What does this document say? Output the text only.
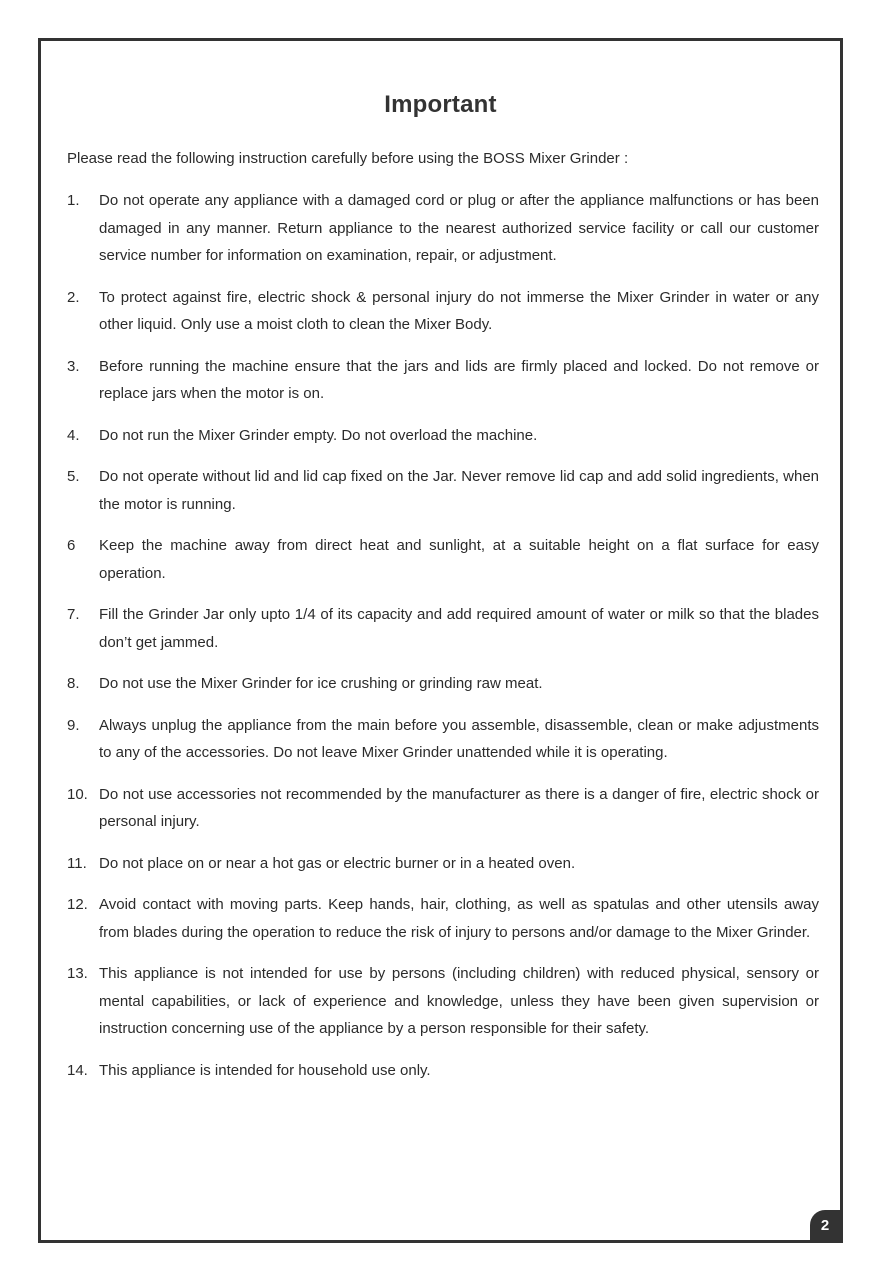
Important
Please read the following instruction carefully before using the BOSS Mixer Grinder :
1.	Do not operate any appliance with a damaged cord or plug or after the appliance malfunctions or has been damaged in any manner. Return appliance to the nearest authorized service facility or call our customer service number for information on examination, repair, or adjustment.
2.	To protect against fire, electric shock & personal injury do not immerse the Mixer Grinder in water or any other liquid. Only use a moist cloth to clean the Mixer Body.
3.	Before running the machine ensure that the jars and lids are firmly placed and locked. Do not remove or replace jars when the motor is on.
4.	Do not run the Mixer Grinder empty. Do not overload the machine.
5.	Do not operate without lid and lid cap fixed on the Jar. Never remove lid cap and add solid ingredients, when the motor is running.
6	Keep the machine away from direct heat and sunlight, at a suitable height on a flat surface for easy operation.
7.	Fill the Grinder Jar only upto 1/4 of its capacity and add required amount of water or milk so that the blades don’t get jammed.
8.	Do not use the Mixer Grinder for ice crushing or grinding raw meat.
9.	Always unplug the appliance from the main before you assemble, disassemble, clean or make adjustments to any of the accessories. Do not leave Mixer Grinder unattended while it is operating.
10. Do not use accessories not recommended by the manufacturer as there is a danger of fire, electric shock or personal injury.
11. Do not place on or near a hot gas or electric burner or in a heated oven.
12. Avoid contact with moving parts. Keep hands, hair, clothing, as well as spatulas and other utensils away from blades during the operation to reduce the risk of injury to persons and/or damage to the Mixer Grinder.
13. This appliance is not intended for use by persons (including children) with reduced physical, sensory or mental capabilities, or lack of experience and knowledge, unless they have been given supervision or instruction concerning use of the appliance by a person responsible for their safety.
14. This appliance is intended for household use only.
2
